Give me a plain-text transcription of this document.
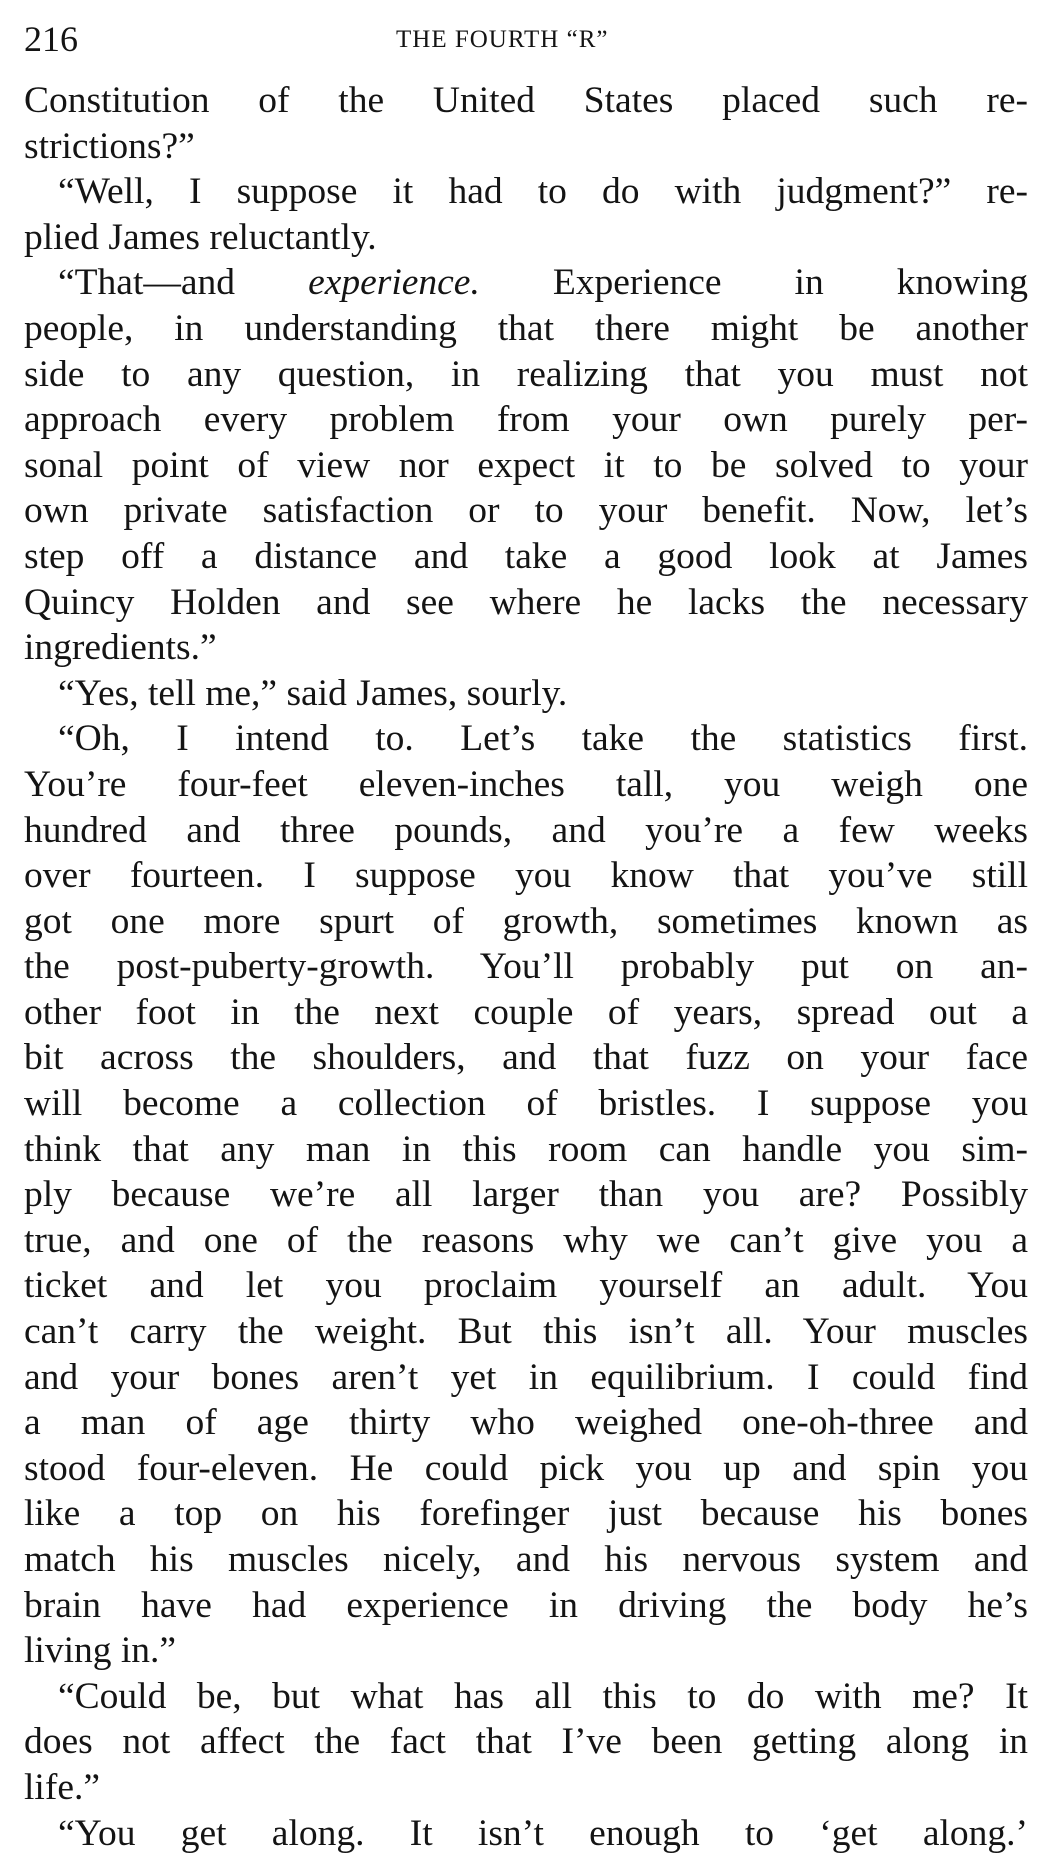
216	THE FOURTH “R”
Constitution of the United States placed such re-
strictions?”
“Well, I suppose it had to do with judgment?” re-
plied James reluctantly.
“That—and experience. Experience in knowing
people, in understanding that there might be another
side to any question, in realizing that you must not
approach every problem from your own purely per-
sonal point of view nor expect it to be solved to your
own private satisfaction or to your benefit. Now, let’s
step off a distance and take a good look at James
Quincy Holden and see where he lacks the necessary
ingredients.”
“Yes, tell me,” said James, sourly.
“Oh, I intend to. Let’s take the statistics first.
You’re four-feet eleven-inches tall, you weigh one
hundred and three pounds, and you’re a few weeks
over fourteen. I suppose you know that you’ve still
got one more spurt of growth, sometimes known as
the post-puberty-growth. You’ll probably put on an-
other foot in the next couple of years, spread out a
bit across the shoulders, and that fuzz on your face
will become a collection of bristles. I suppose you
think that any man in this room can handle you sim-
ply because we’re all larger than you are? Possibly
true, and one of the reasons why we can’t give you a
ticket and let you proclaim yourself an adult. You
can’t carry the weight. But this isn’t all. Your muscles
and your bones aren’t yet in equilibrium. I could find
a man of age thirty who weighed one-oh-three and
stood four-eleven. He could pick you up and spin you
like a top on his forefinger just because his bones
match his muscles nicely, and his nervous system and
brain have had experience in driving the body he’s
living in.”
“Could be, but what has all this to do with me? It
does not affect the fact that I’ve been getting along in
life.”
“You get along. It isn’t enough to ‘get along.’
